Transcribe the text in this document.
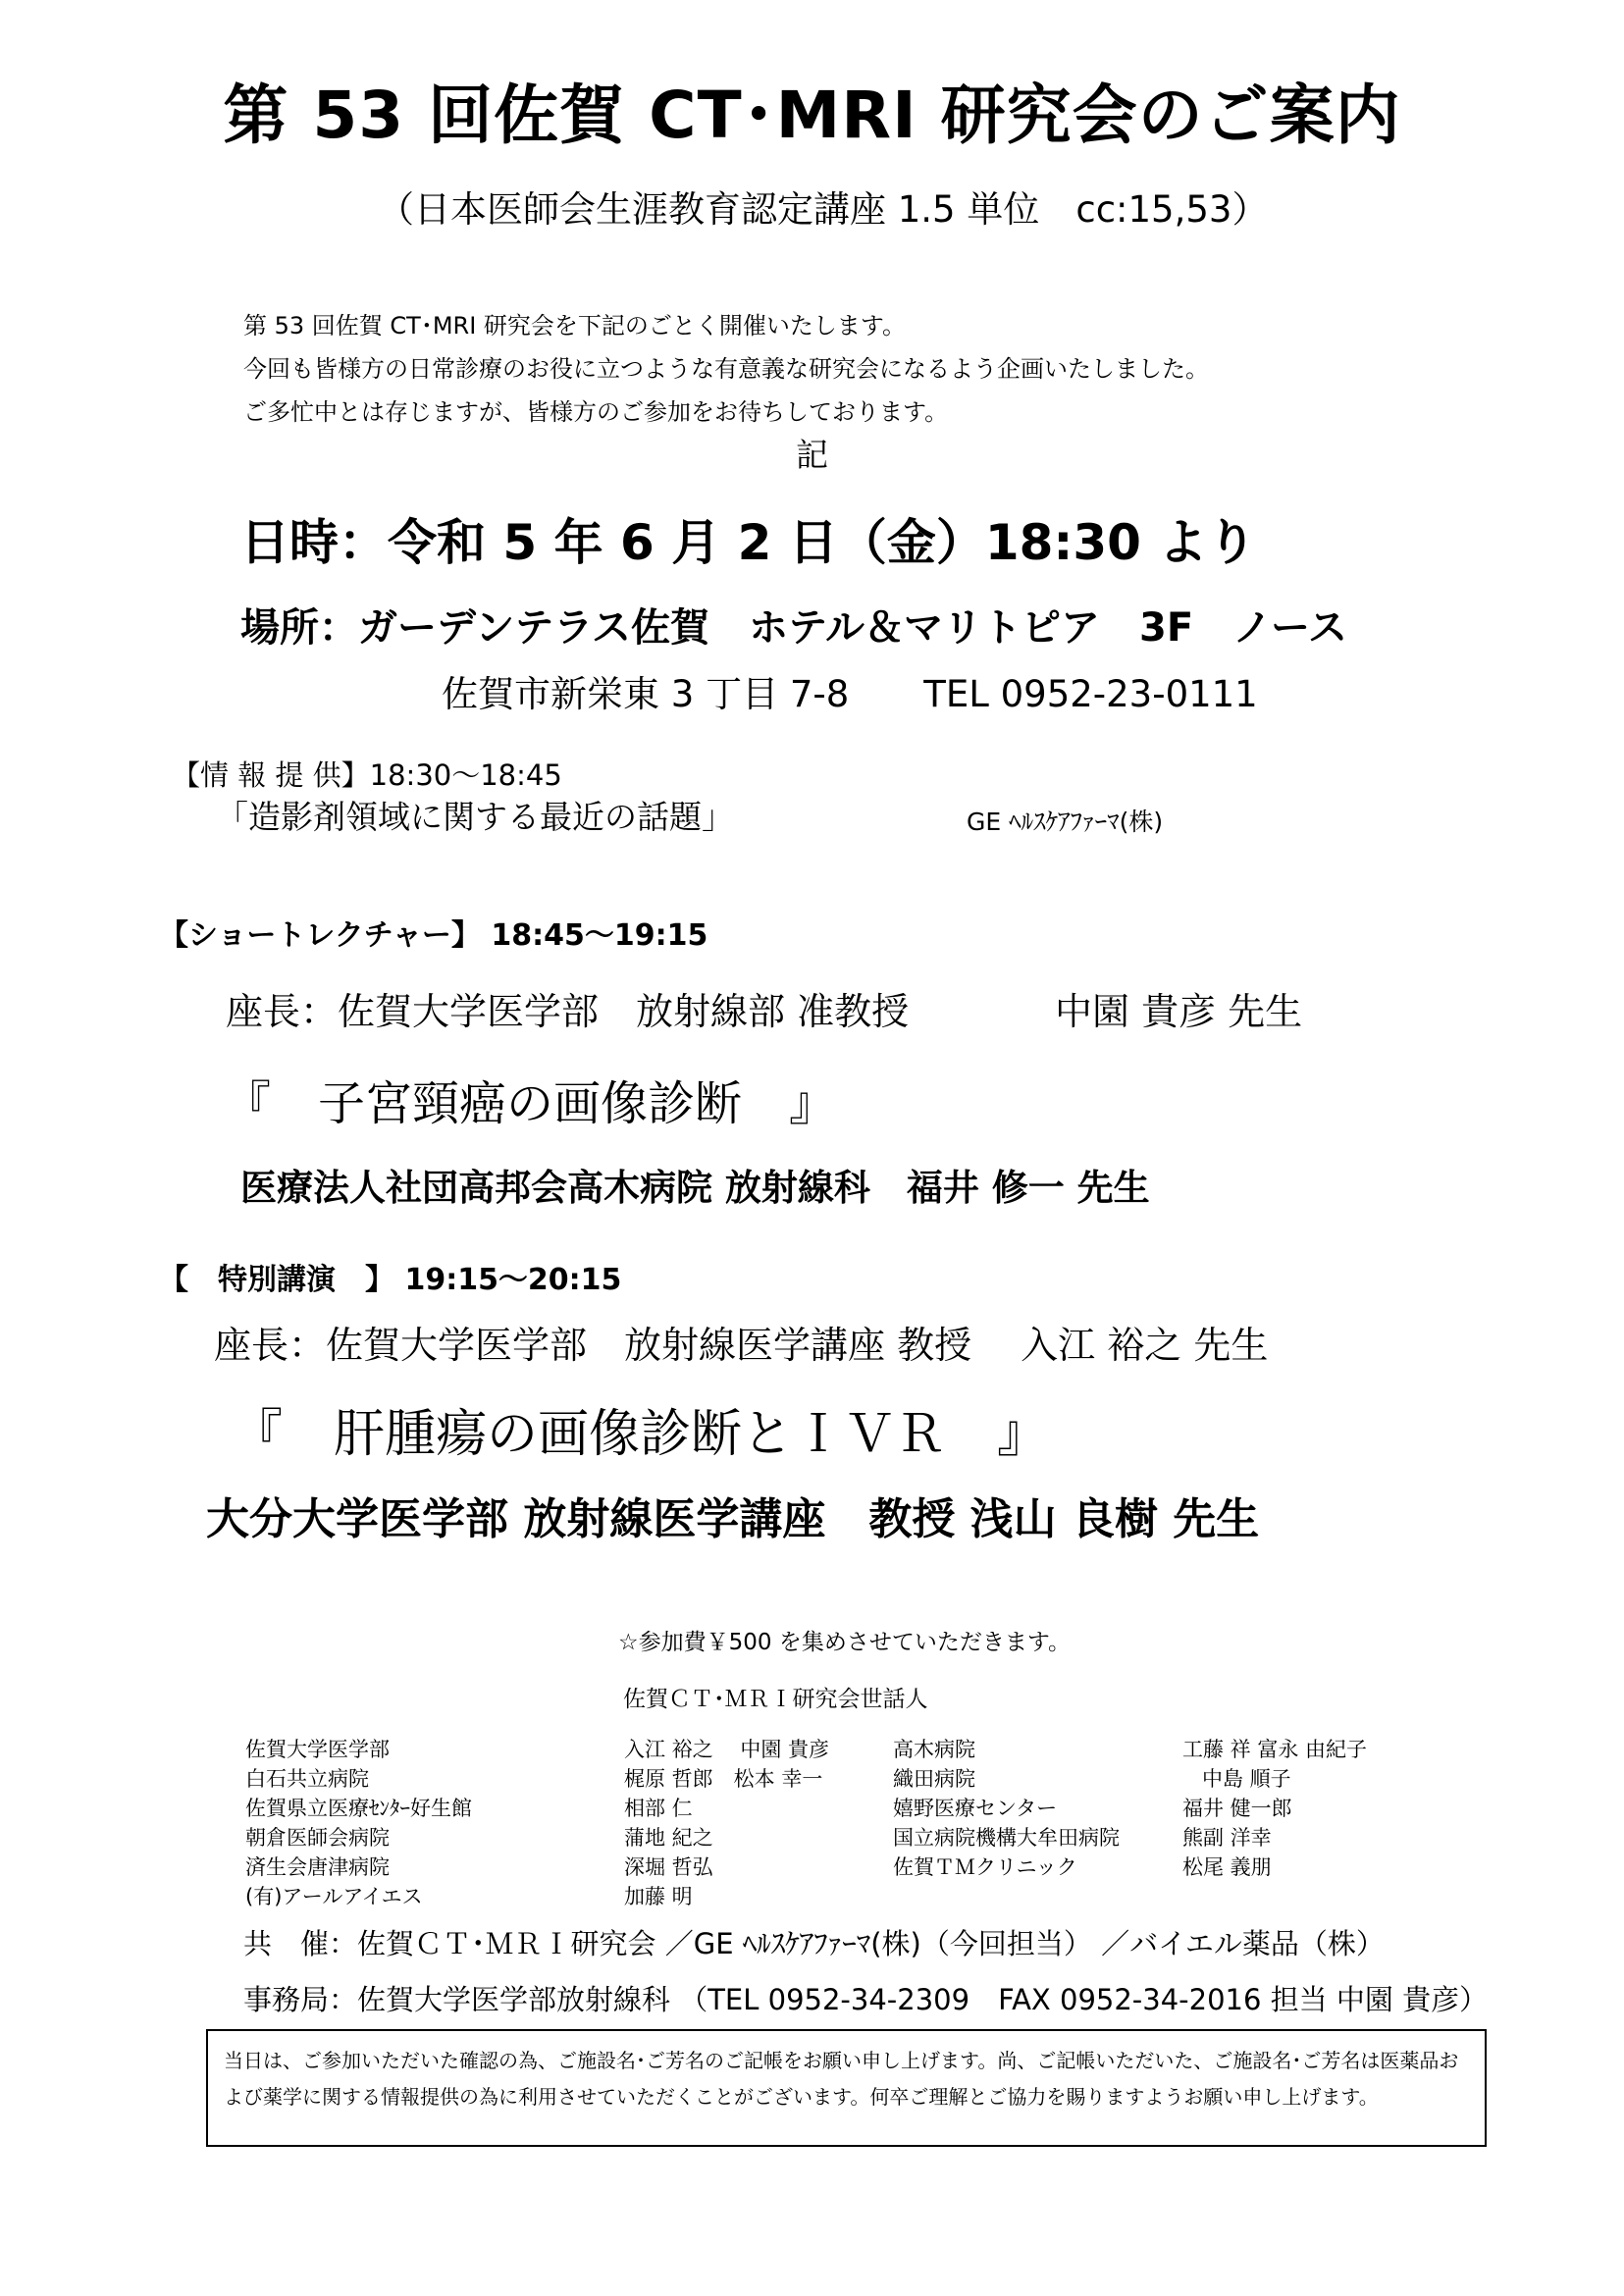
第 53 回佐賀 CT･MRI 研究会のご案内
（日本医師会生涯教育認定講座 1.5 単位　cc:15,53）
第 53 回佐賀 CT･MRI 研究会を下記のごとく開催いたします。
今回も皆様方の日常診療のお役に立つような有意義な研究会になるよう企画いたしました。
ご多忙中とは存じますが、皆様方のご参加をお待ちしております。
記
日時：令和 5 年 6 月 2 日（金）18:30 より
場所：ガーデンテラス佐賀　ホテル＆マリトピア　3F　ノース
佐賀市新栄東 3 丁目 7-8 TEL 0952-23-0111
【情 報 提 供】18:30～18:45
「造影剤領域に関する最近の話題」	GE ﾍﾙｽｹｱﾌｧｰﾏ(株)
【ショートレクチャー】 18:45～19:15
座長：佐賀大学医学部　放射線部 准教授	中園 貴彦 先生
『　子宮頸癌の画像診断　』
医療法人社団高邦会高木病院 放射線科　福井 修一 先生
【　特別講演　】 19:15～20:15
座長：佐賀大学医学部　放射線医学講座 教授　 入江 裕之 先生
『　肝腫瘍の画像診断とＩＶＲ　』
大分大学医学部 放射線医学講座　教授 浅山 良樹 先生
☆参加費￥500 を集めさせていただきます。
佐賀ＣＴ･ＭＲＩ研究会世話人
佐賀大学医学部
白石共立病院
佐賀県立医療ｾﾝﾀｰ好生館
朝倉医師会病院
済生会唐津病院
(有)アールアイエス
入江 裕之　 中園 貴彦
梶原 哲郎　松本 幸一
相部 仁
蒲地 紀之
深堀 哲弘
加藤 明
高木病院
織田病院
嬉野医療センター
国立病院機構大牟田病院
佐賀ＴＭクリニック
工藤 祥 富永 由紀子
中島 順子
福井 健一郎
熊副 洋幸
松尾 義朋
共　催：佐賀ＣＴ･ＭＲＩ研究会 ／GE ﾍﾙｽｹｱﾌｧｰﾏ(株)（今回担当） ／バイエル薬品（株）
事務局：佐賀大学医学部放射線科 （TEL 0952-34-2309　FAX 0952-34-2016 担当 中園 貴彦）
当日は、ご参加いただいた確認の為、ご施設名･ご芳名のご記帳をお願い申し上げます。尚、ご記帳いただいた、ご施設名･ご芳名は医薬品および薬学に関する情報提供の為に利用させていただくことがございます。何卒ご理解とご協力を賜りますようお願い申し上げます。
